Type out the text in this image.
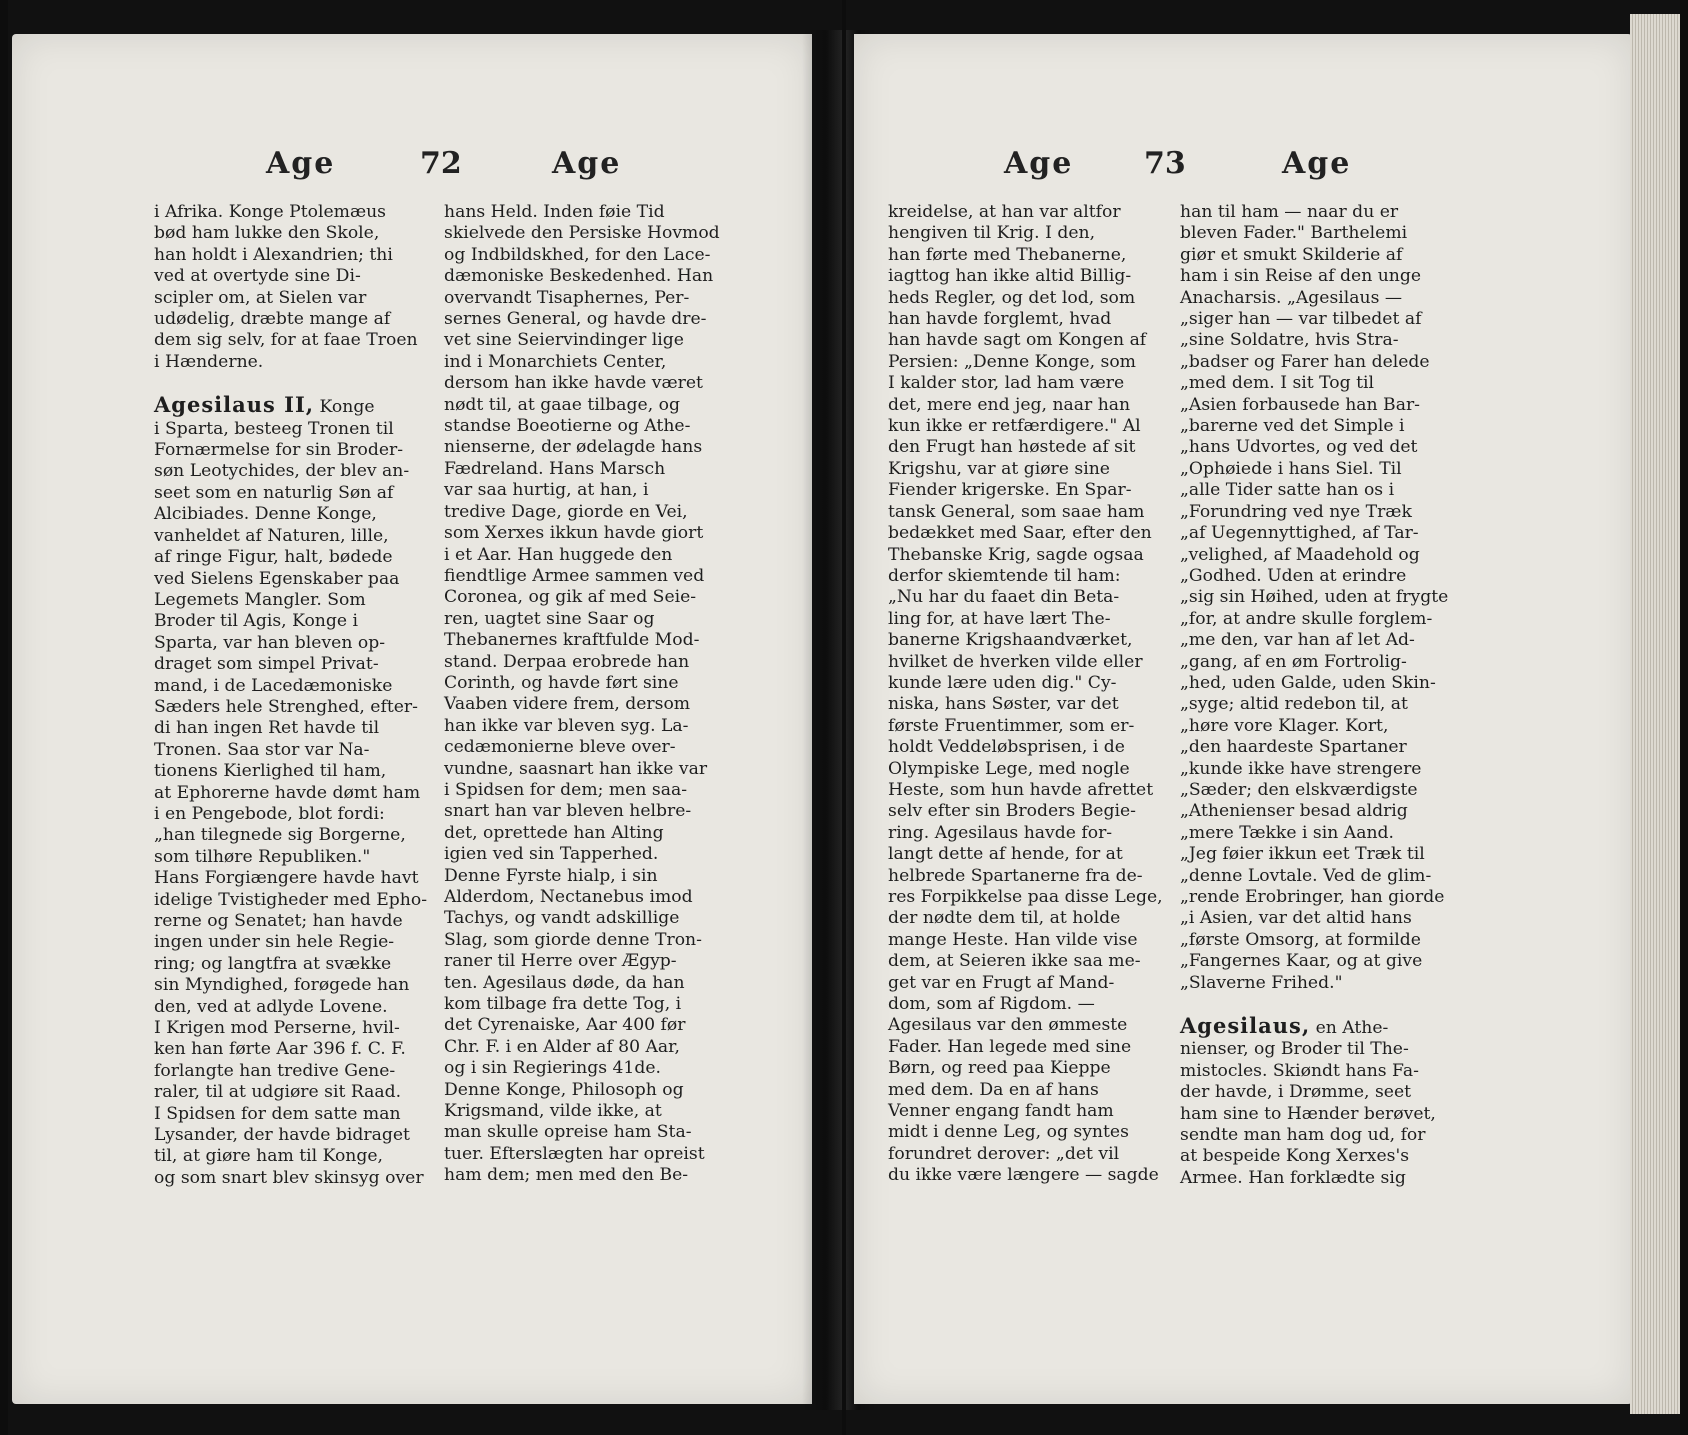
Age	72	Age

i Afrika. Konge Ptolemæus

bød ham lukke den Skole,

han holdt i Alexandrien; thi

ved at overtyde sine Di-

scipler om, at Sielen var

udødelig, dræbte mange af

dem sig selv, for at faae Troen

i Hænderne.

Agesilaus II, Konge

i Sparta, besteeg Tronen til

Fornærmelse for sin Broder-

søn Leotychides, der blev an-

seet som en naturlig Søn af

Alcibiades. Denne Konge,

vanheldet af Naturen, lille,

af ringe Figur, halt, bødede

ved Sielens Egenskaber paa

Legemets Mangler. Som

Broder til Agis, Konge i

Sparta, var han bleven op-

draget som simpel Privat-

mand, i de Lacedæmoniske

Sæders hele Strenghed, efter-

di han ingen Ret havde til

Tronen. Saa stor var Na-

tionens Kierlighed til ham,

at Ephorerne havde dømt ham

i en Pengebode, blot fordi:

„han tilegnede sig Borgerne,

som tilhøre Republiken."

Hans Forgiængere havde havt

idelige Tvistigheder med Epho-

rerne og Senatet; han havde

ingen under sin hele Regie-

ring; og langtfra at svække

sin Myndighed, forøgede han

den, ved at adlyde Lovene.

I Krigen mod Perserne, hvil-

ken han førte Aar 396 f. C. F.

forlangte han tredive Gene-

raler, til at udgiøre sit Raad.

I Spidsen for dem satte man

Lysander, der havde bidraget

til, at giøre ham til Konge,

og som snart blev skinsyg over

hans Held. Inden føie Tid

skielvede den Persiske Hovmod

og Indbildskhed, for den Lace-

dæmoniske Beskedenhed. Han

overvandt Tisaphernes, Per-

sernes General, og havde dre-

vet sine Seiervindinger lige

ind i Monarchiets Center,

dersom han ikke havde været

nødt til, at gaae tilbage, og

standse Boeotierne og Athe-

nienserne, der ødelagde hans

Fædreland. Hans Marsch

var saa hurtig, at han, i

tredive Dage, giorde en Vei,

som Xerxes ikkun havde giort

i et Aar. Han huggede den

fiendtlige Armee sammen ved

Coronea, og gik af med Seie-

ren, uagtet sine Saar og

Thebanernes kraftfulde Mod-

stand. Derpaa erobrede han

Corinth, og havde ført sine

Vaaben videre frem, dersom

han ikke var bleven syg. La-

cedæmonierne bleve over-

vundne, saasnart han ikke var

i Spidsen for dem; men saa-

snart han var bleven helbre-

det, oprettede han Alting

igien ved sin Tapperhed.

Denne Fyrste hialp, i sin

Alderdom, Nectanebus imod

Tachys, og vandt adskillige

Slag, som giorde denne Tron-

raner til Herre over Ægyp-

ten. Agesilaus døde, da han

kom tilbage fra dette Tog, i

det Cyrenaiske, Aar 400 før

Chr. F. i en Alder af 80 Aar,

og i sin Regierings 41de.

Denne Konge, Philosoph og

Krigsmand, vilde ikke, at

man skulle opreise ham Sta-

tuer. Efterslægten har opreist

ham dem; men med den Be-

Age 73	Age

kreidelse, at han var altfor

hengiven til Krig. I den,

han førte med Thebanerne,

iagttog han ikke altid Billig-

heds Regler, og det lod, som

han havde forglemt, hvad

han havde sagt om Kongen af

Persien: „Denne Konge, som

I kalder stor, lad ham være

det, mere end jeg, naar han

kun ikke er retfærdigere." Al

den Frugt han høstede af sit

Krigshu, var at giøre sine

Fiender krigerske. En Spar-

tansk General, som saae ham

bedækket med Saar, efter den

Thebanske Krig, sagde ogsaa

derfor skiemtende til ham:

„Nu har du faaet din Beta-

ling for, at have lært The-

banerne Krigshaandværket,

hvilket de hverken vilde eller

kunde lære uden dig." Cy-

niska, hans Søster, var det

første Fruentimmer, som er-

holdt Veddeløbsprisen, i de

Olympiske Lege, med nogle

Heste, som hun havde afrettet

selv efter sin Broders Begie-

ring. Agesilaus havde for-

langt dette af hende, for at

helbrede Spartanerne fra de-

res Forpikkelse paa disse Lege,

der nødte dem til, at holde

mange Heste. Han vilde vise

dem, at Seieren ikke saa me-

get var en Frugt af Mand-

dom, som af Rigdom. —

Agesilaus var den ømmeste

Fader. Han legede med sine

Børn, og reed paa Kieppe

med dem. Da en af hans

Venner engang fandt ham

midt i denne Leg, og syntes

forundret derover: „det vil

du ikke være længere — sagde

han til ham — naar du er

bleven Fader." Barthelemi

giør et smukt Skilderie af

ham i sin Reise af den unge

Anacharsis. „Agesilaus —

„siger han — var tilbedet af

„sine Soldatre, hvis Stra-

„badser og Farer han delede

„med dem. I sit Tog til

„Asien forbausede han Bar-

„barerne ved det Simple i

„hans Udvortes, og ved det

„Ophøiede i hans Siel. Til

„alle Tider satte han os i

„Forundring ved nye Træk

„af Uegennyttighed, af Tar-

„velighed, af Maadehold og

„Godhed. Uden at erindre

„sig sin Høihed, uden at frygte

„for, at andre skulle forglem-

„me den, var han af let Ad-

„gang, af en øm Fortrolig-

„hed, uden Galde, uden Skin-

„syge; altid redebon til, at

„høre vore Klager. Kort,

„den haardeste Spartaner

„kunde ikke have strengere

„Sæder; den elskværdigste

„Athenienser besad aldrig

„mere Tække i sin Aand.

„Jeg føier ikkun eet Træk til

„denne Lovtale. Ved de glim-

„rende Erobringer, han giorde

„i Asien, var det altid hans

„første Omsorg, at formilde

„Fangernes Kaar, og at give

„Slaverne Frihed."

Agesilaus, en Athe-

nienser, og Broder til The-

mistocles. Skiøndt hans Fa-

der havde, i Drømme, seet

ham sine to Hænder berøvet,

sendte man ham dog ud, for

at bespeide Kong Xerxes's

Armee. Han forklædte sig
